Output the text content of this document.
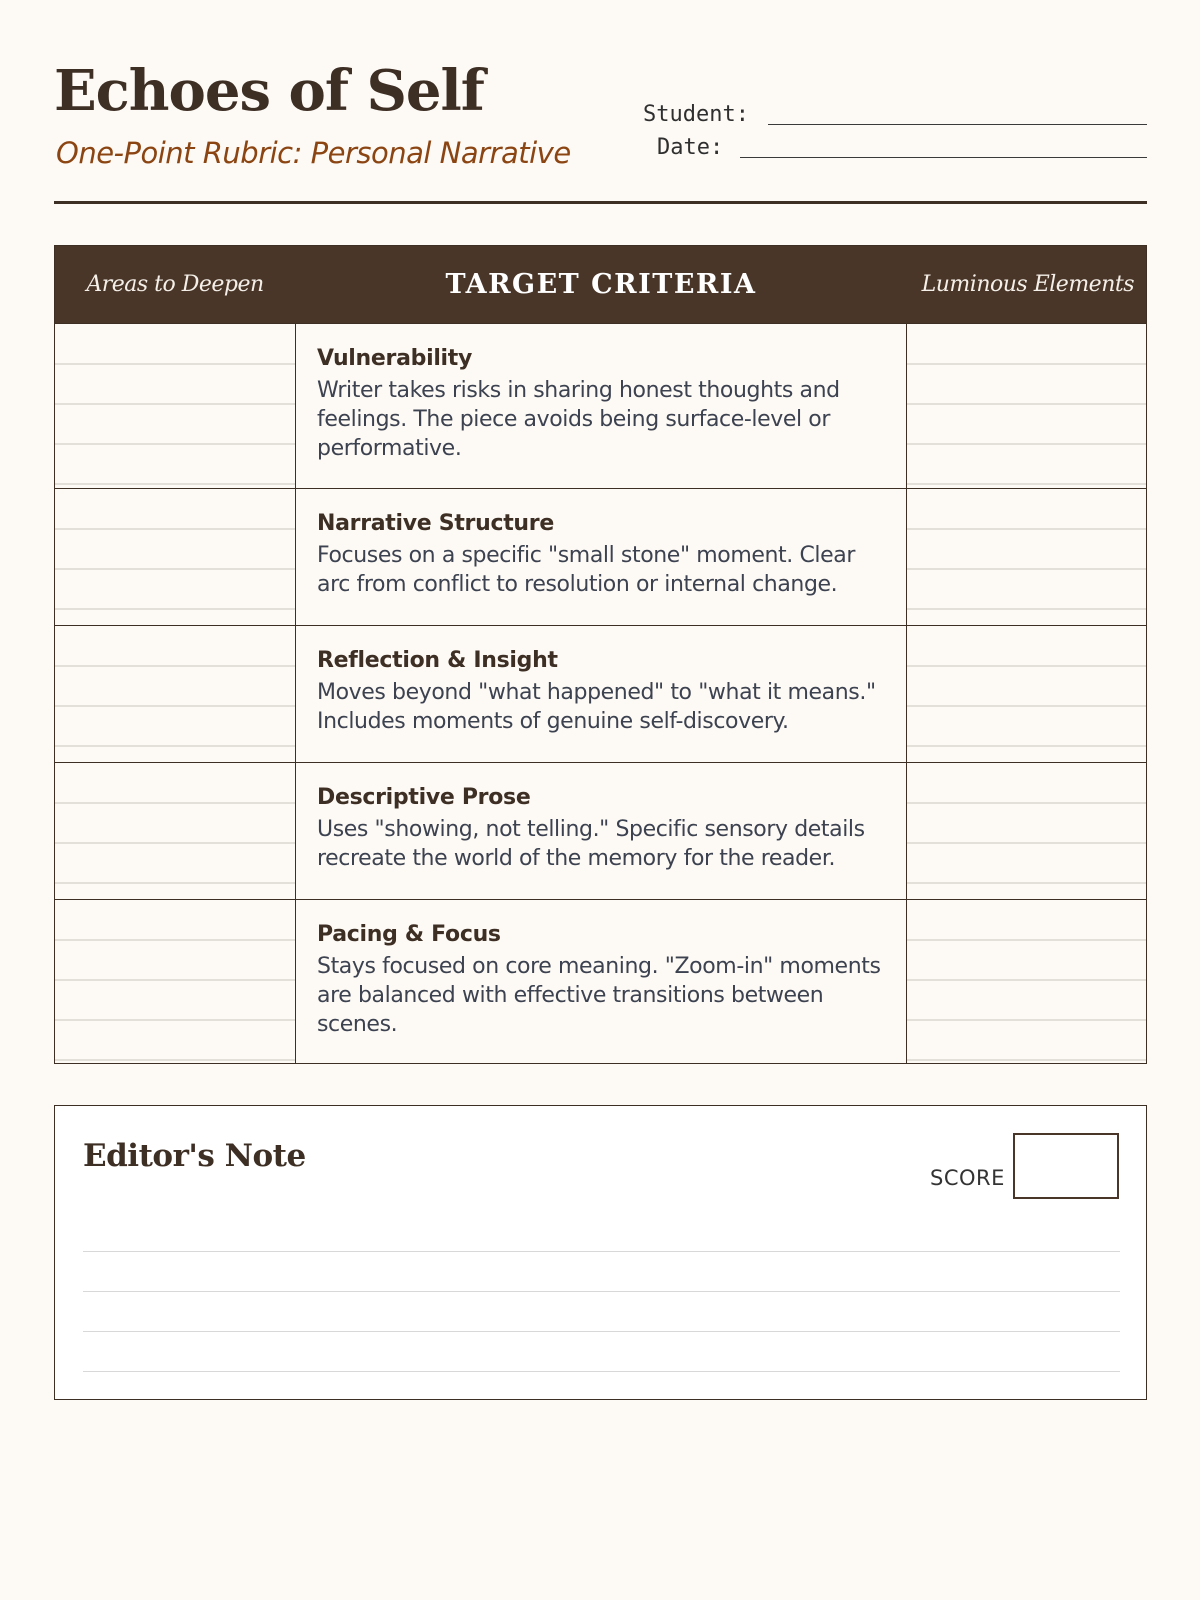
Echoes of Self
One-Point Rubric: Personal Narrative
Student:
Date:
Areas to Deepen	TARGET CRITERIA	Luminous Elements
Vulnerability
Writer takes risks in sharing honest thoughts and feelings. The piece avoids being surface-level or performative.
Narrative Structure
Focuses on a specific "small stone" moment. Clear arc from conflict to resolution or internal change.
Reflection & Insight
Moves beyond "what happened" to "what it means." Includes moments of genuine self-discovery.
Descriptive Prose
Uses "showing, not telling." Specific sensory details recreate the world of the memory for the reader.
Pacing & Focus
Stays focused on core meaning. "Zoom-in" moments are balanced with effective transitions between scenes.
Editor's Note
SCORE
